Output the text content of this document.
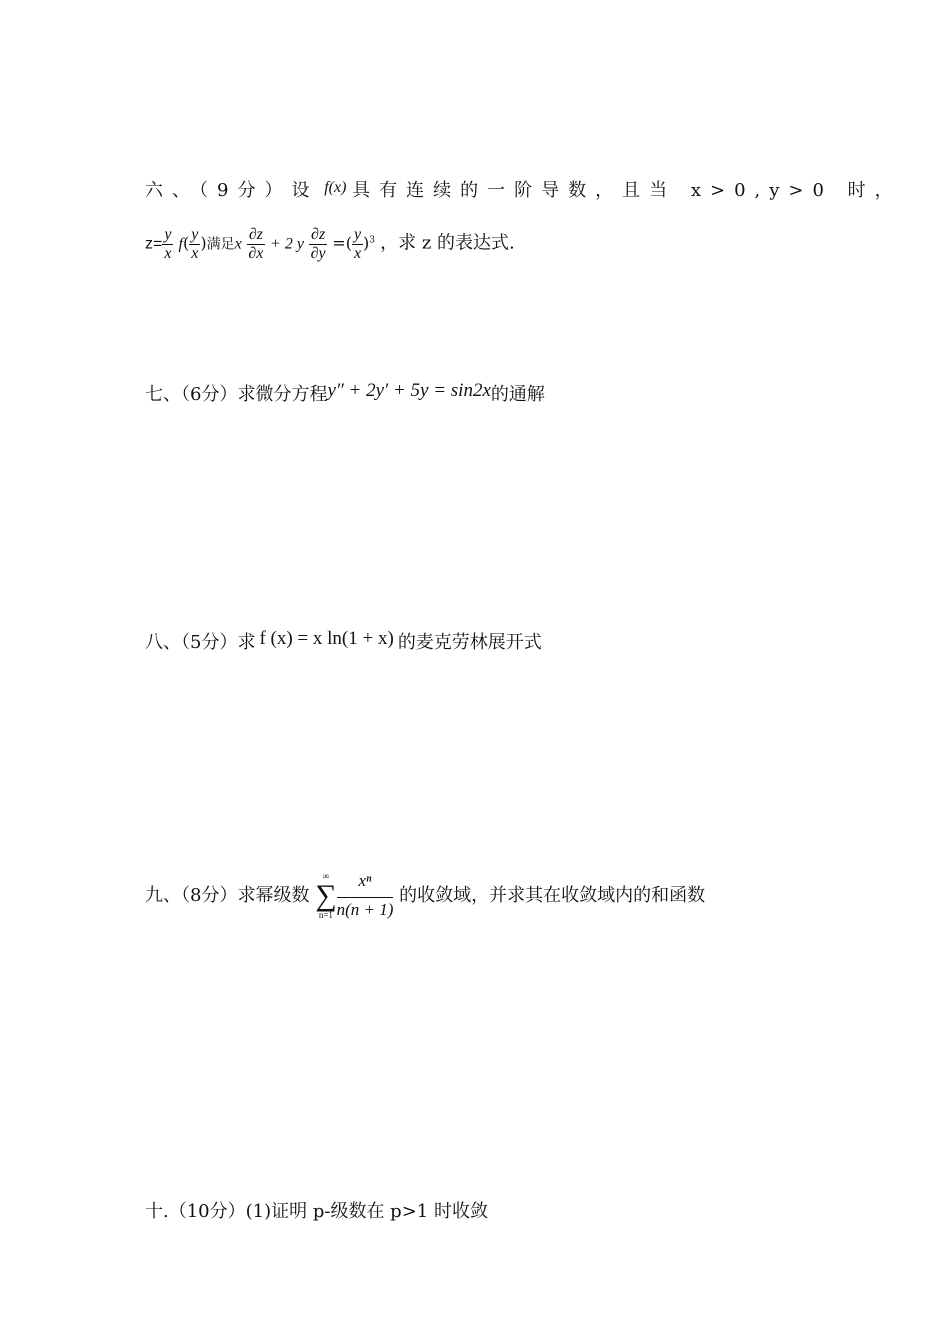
六、（9分）设 f(x) 具有连续的一阶导数，且当 x>0,y>0 时，
$z= \frac{y}{x} f( \frac{y}{x}$ )满足x $\frac{\partial z}{\partial x} + 2$ y $\frac{\partial z}{\partial y}$ =( $\frac{y}{x} )^3$ ，求 z 的表达式.
七、（6分）求微分方程y″ + 2y′ + 5y = sin2x的通解
八、（5分）求 f (x) = x ln(1 + x) 的麦克劳林展开式
九、（8分）求幂级数
∞
∑
$n=1 \frac{\text{xⁿ}}{n(n + 1)}$ 的收敛域，并求其在收敛域内的和函数
十.（10分）(1)证明 p-级数在 p>1 时收敛
